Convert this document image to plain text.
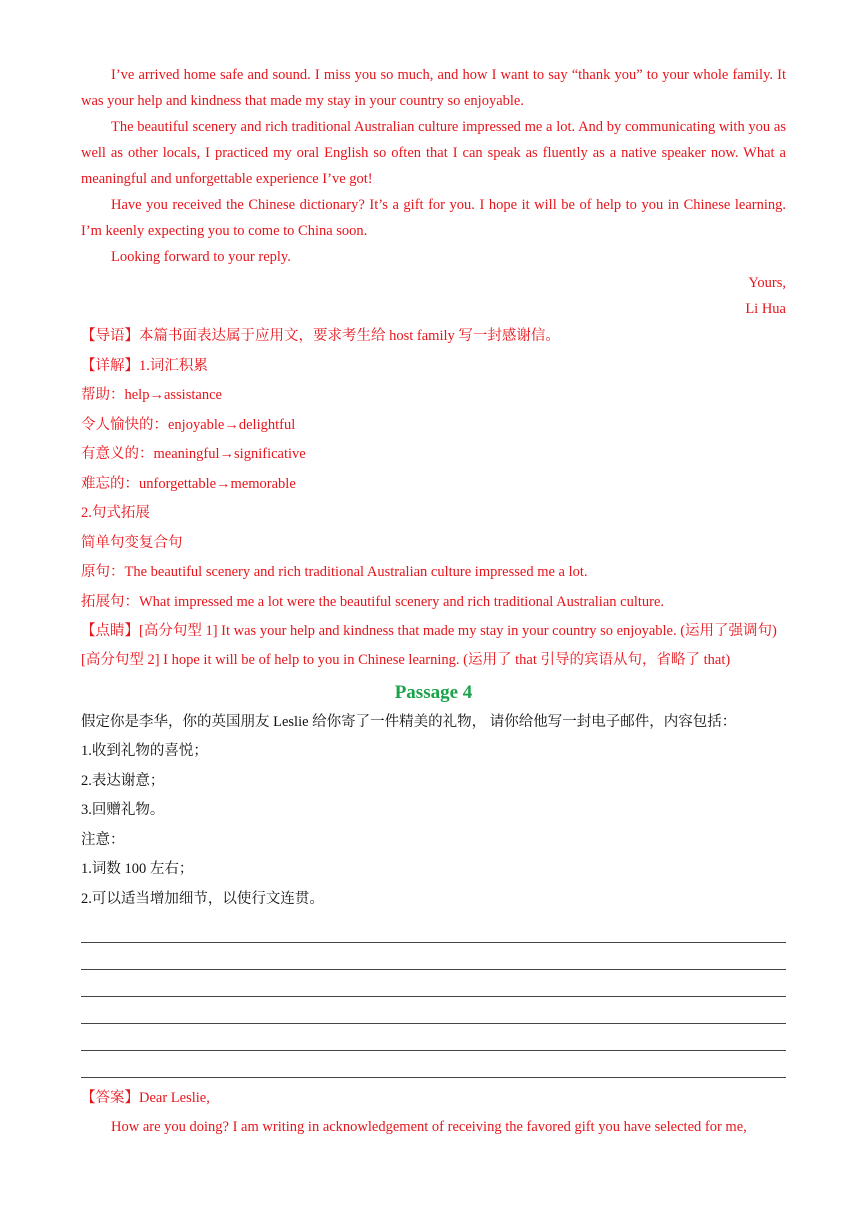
I’ve arrived home safe and sound. I miss you so much, and how I want to say “thank you” to your whole family. It was your help and kindness that made my stay in your country so enjoyable.

The beautiful scenery and rich traditional Australian culture impressed me a lot. And by communicating with you as well as other locals, I practiced my oral English so often that I can speak as fluently as a native speaker now. What a meaningful and unforgettable experience I’ve got!

Have you received the Chinese dictionary? It’s a gift for you. I hope it will be of help to you in Chinese learning. I’m keenly expecting you to come to China soon.

Looking forward to your reply.

Yours,

Li Hua

【导语】本篇书面表达属于应用文，要求考生给 host family 写一封感谢信。

【详解】1.词汇积累

帮助：help→assistance

令人愉快的：enjoyable→delightful

有意义的：meaningful→significative

难忘的：unforgettable→memorable

2.句式拓展

简单句变复合句

原句：The beautiful scenery and rich traditional Australian culture impressed me a lot.

拓展句：What impressed me a lot were the beautiful scenery and rich traditional Australian culture.

【点睛】[高分句型 1] It was your help and kindness that made my stay in your country so enjoyable. (运用了强调句)

[高分句型 2] I hope it will be of help to you in Chinese learning. (运用了 that 引导的宾语从句，省略了 that)

Passage 4

假定你是李华，你的英国朋友 Leslie 给你寄了一件精美的礼物， 请你给他写一封电子邮件，内容包括：

1.收到礼物的喜悦；

2.表达谢意；

3.回赠礼物。

注意：

1.词数 100 左右；

2.可以适当增加细节，以使行文连贯。

【答案】Dear Leslie,

How are you doing? I am writing in acknowledgement of receiving the favored gift you have selected for me,
